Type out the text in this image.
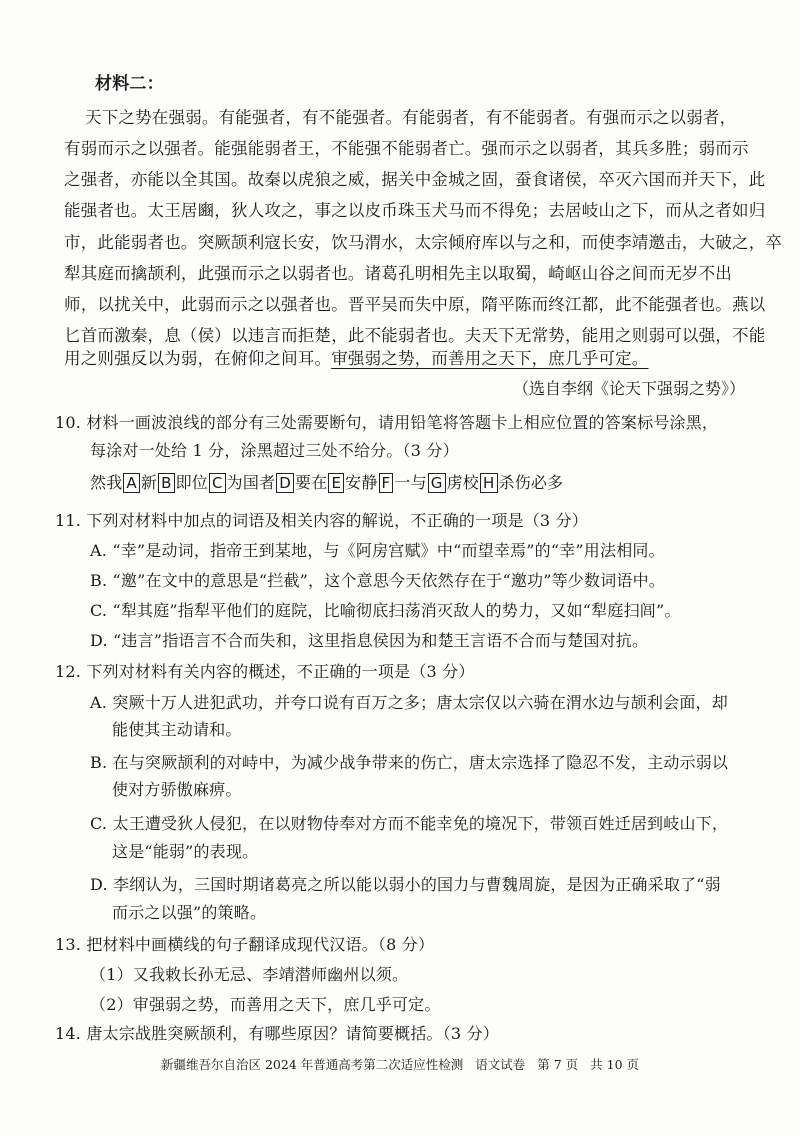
材料二：
天下之势在强弱。有能强者，有不能强者。有能弱者，有不能弱者。有强而示之以弱者，
有弱而示之以强者。能强能弱者王，不能强不能弱者亡。强而示之以弱者，其兵多胜；弱而示
之强者，亦能以全其国。故秦以虎狼之威，据关中金城之固，蚕食诸侯，卒灭六国而并天下，此
能强者也。太王居豳，狄人攻之，事之以皮币珠玉犬马而不得免；去居岐山之下，而从之者如归
市，此能弱者也。突厥颉利寇长安，饮马渭水，太宗倾府库以与之和，而使李靖邀击，大破之，卒
犁其庭而擒颉利，此强而示之以弱者也。诸葛孔明相先主以取蜀，崎岖山谷之间而无岁不出
师，以扰关中，此弱而示之以强者也。晋平吴而失中原，隋平陈而终江都，此不能强者也。燕以
匕首而激秦，息（侯）以违言而拒楚，此不能弱者也。夫天下无常势，能用之则弱可以强，不能
用之则强反以为弱，在俯仰之间耳。审强弱之势，而善用之天下，庶几乎可定。
（选自李纲《论天下强弱之势》）
10. 材料一画波浪线的部分有三处需要断句，请用铅笔将答题卡上相应位置的答案标号涂黑，
每涂对一处给 1 分，涂黑超过三处不给分。（3 分）
然我 A 新 B 即位 C 为国者 D 要在 E 安静 F 一与 G 虏校 H 杀伤必多
11. 下列对材料中加点的词语及相关内容的解说，不正确的一项是（3 分）
A. “幸”是动词，指帝王到某地，与《阿房宫赋》中“而望幸焉”的“幸”用法相同。
B. “邀”在文中的意思是“拦截”，这个意思今天依然存在于“邀功”等少数词语中。
C. “犁其庭”指犁平他们的庭院，比喻彻底扫荡消灭敌人的势力，又如“犁庭扫闾”。
D. “违言”指语言不合而失和，这里指息侯因为和楚王言语不合而与楚国对抗。
12. 下列对材料有关内容的概述，不正确的一项是（3 分）
A. 突厥十万人进犯武功，并夸口说有百万之多；唐太宗仅以六骑在渭水边与颉利会面，却
能使其主动请和。
B. 在与突厥颉利的对峙中，为减少战争带来的伤亡，唐太宗选择了隐忍不发，主动示弱以
使对方骄傲麻痹。
C. 太王遭受狄人侵犯，在以财物侍奉对方而不能幸免的境况下，带领百姓迁居到岐山下，
这是“能弱”的表现。
D. 李纲认为，三国时期诸葛亮之所以能以弱小的国力与曹魏周旋，是因为正确采取了“弱
而示之以强”的策略。
13. 把材料中画横线的句子翻译成现代汉语。（8 分）
（1）又我敕长孙无忌、李靖潜师幽州以须。
（2）审强弱之势，而善用之天下，庶几乎可定。
14. 唐太宗战胜突厥颉利，有哪些原因？请简要概括。（3 分）
新疆维吾尔自治区 2024 年普通高考第二次适应性检测 语文试卷 第 7 页 共 10 页
